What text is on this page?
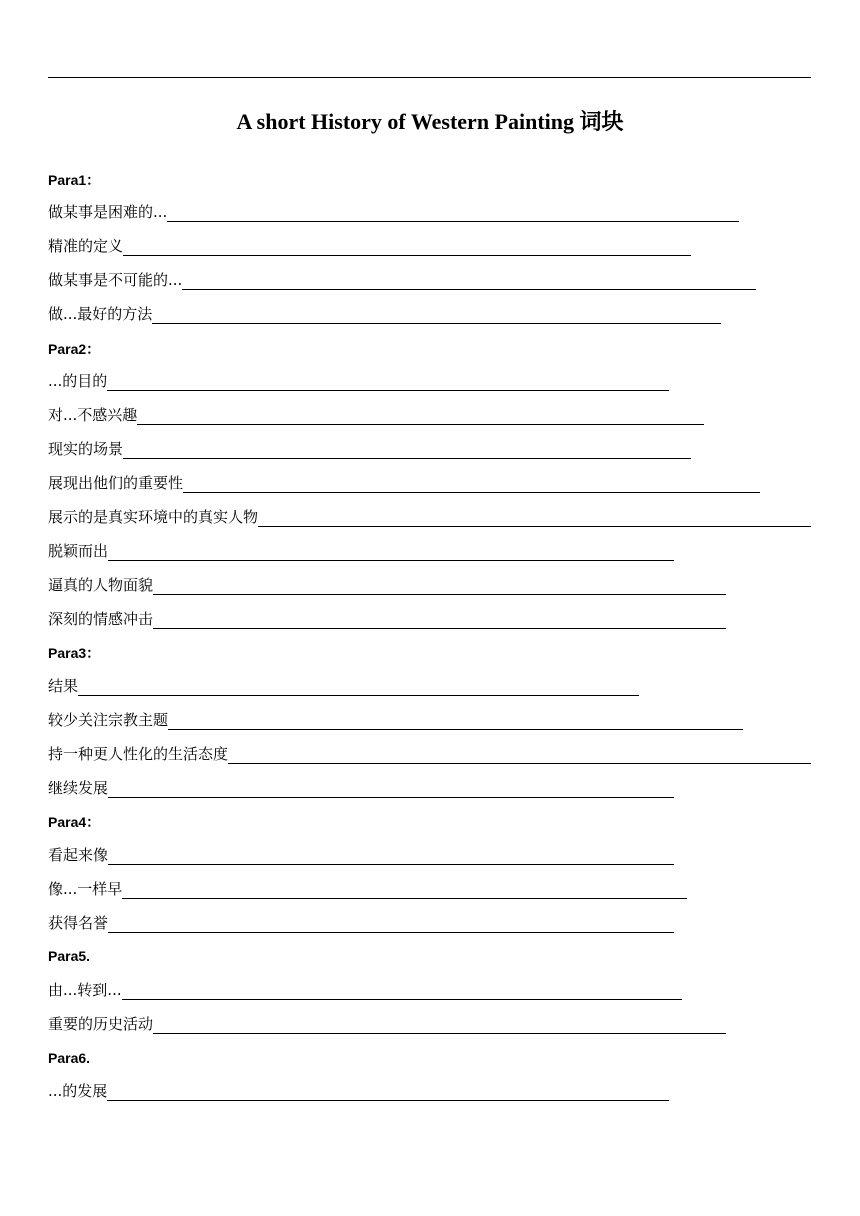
A short History of Western Painting 词块
Para1：
做某事是困难的...
精准的定义
做某事是不可能的...
做...最好的方法
Para2：
...的目的
对...不感兴趣
现实的场景
展现出他们的重要性
展示的是真实环境中的真实人物
脱颖而出
逼真的人物面貌
深刻的情感冲击
Para3：
结果
较少关注宗教主题
持一种更人性化的生活态度
继续发展
Para4：
看起来像
像...一样早
获得名誉
Para5.
由...转到...
重要的历史活动
Para6.
...的发展
